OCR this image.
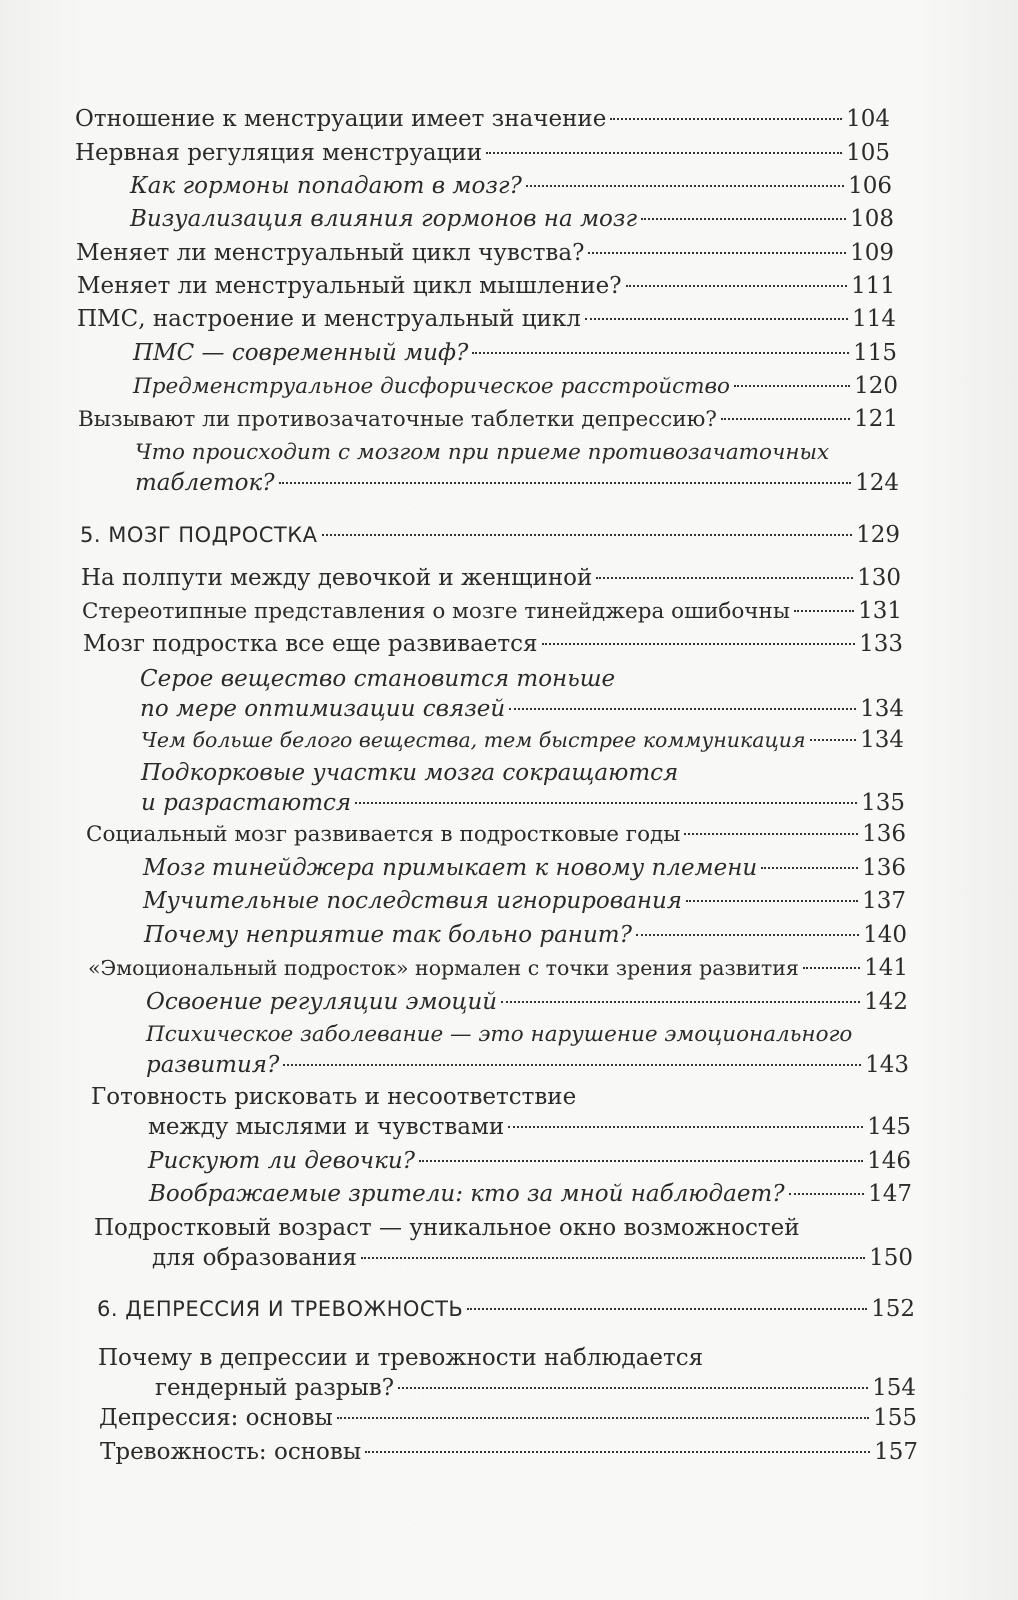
Отношение к менструации имеет значение	104
Нервная регуляция менструации	105
Как гормоны попадают в мозг?	106
Визуализация влияния гормонов на мозг	108
Меняет ли менструальный цикл чувства?	109
Меняет ли менструальный цикл мышление?	111
ПМС, настроение и менструальный цикл	114
ПМС — современный миф?	115
Предменструальное дисфорическое расстройство	120
Вызывают ли противозачаточные таблетки депрессию?	121
Что происходит с мозгом при приеме противозачаточных
таблеток?	124
5. МОЗГ ПОДРОСТКА	129
На полпути между девочкой и женщиной	130
Стереотипные представления о мозге тинейджера ошибочны	131
Мозг подростка все еще развивается	133
Серое вещество становится тоньше
по мере оптимизации связей	134
Чем больше белого вещества, тем быстрее коммуникация 134
Подкорковые участки мозга сокращаются
и разрастаются	135
Социальный мозг развивается в подростковые годы	136
Мозг тинейджера примыкает к новому племени	136
Мучительные последствия игнорирования	137
Почему неприятие так больно ранит?	140
«Эмоциональный подросток» нормален с точки зрения развития	141
Освоение регуляции эмоций	142
Психическое заболевание — это нарушение эмоционального
развития?	143
Готовность рисковать и несоответствие
между мыслями и чувствами	145
Рискуют ли девочки?	146
Воображаемые зрители: кто за мной наблюдает?	147
Подростковый возраст — уникальное окно возможностей
для образования	150
6. ДЕПРЕССИЯ И ТРЕВОЖНОСТЬ	152
Почему в депрессии и тревожности наблюдается
гендерный разрыв?	154
Депрессия: основы	155
Тревожность: основы	157
